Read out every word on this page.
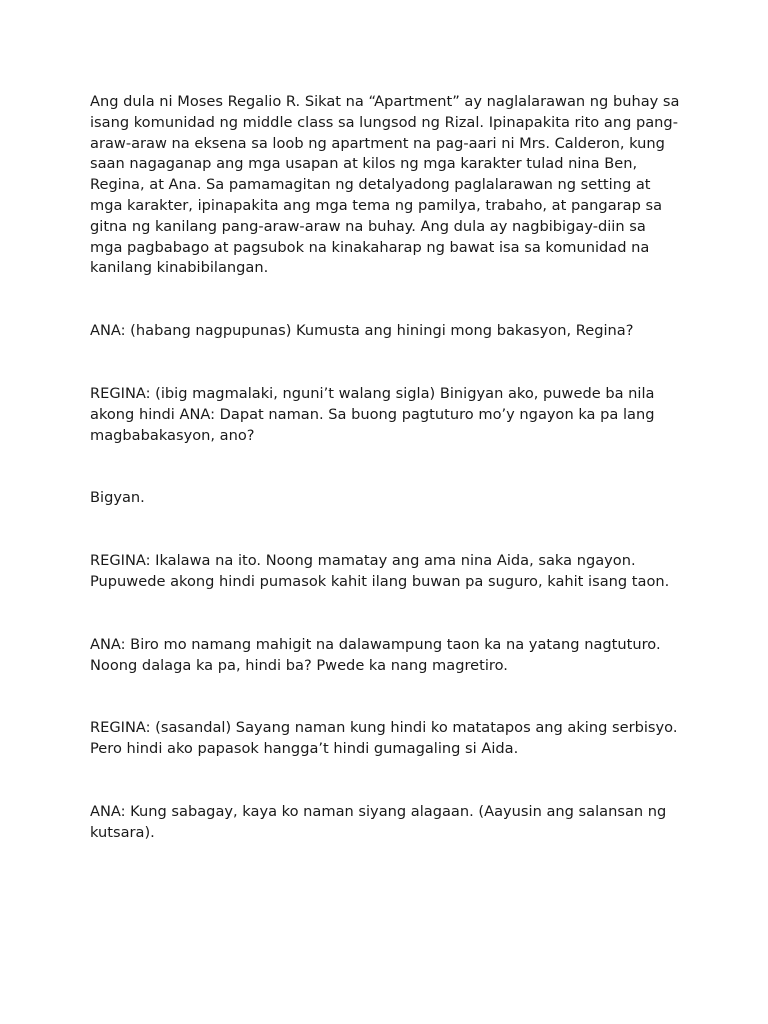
Ang dula ni Moses Regalio R. Sikat na “Apartment” ay naglalarawan ng buhay sa isang komunidad ng middle class sa lungsod ng Rizal. Ipinapakita rito ang pang-araw-araw na eksena sa loob ng apartment na pag-aari ni Mrs. Calderon, kung saan nagaganap ang mga usapan at kilos ng mga karakter tulad nina Ben, Regina, at Ana. Sa pamamagitan ng detalyadong paglalarawan ng setting at mga karakter, ipinapakita ang mga tema ng pamilya, trabaho, at pangarap sa gitna ng kanilang pang-araw-araw na buhay. Ang dula ay nagbibigay-diin sa mga pagbabago at pagsubok na kinakaharap ng bawat isa sa komunidad na kanilang kinabibilangan.

ANA: (habang nagpupunas) Kumusta ang hiningi mong bakasyon, Regina?

REGINA: (ibig magmalaki, nguni’t walang sigla) Binigyan ako, puwede ba nila akong hindi ANA: Dapat naman. Sa buong pagtuturo mo’y ngayon ka pa lang magbabakasyon, ano?

Bigyan.

REGINA: Ikalawa na ito. Noong mamatay ang ama nina Aida, saka ngayon. Pupuwede akong hindi pumasok kahit ilang buwan pa suguro, kahit isang taon.

ANA: Biro mo namang mahigit na dalawampung taon ka na yatang nagtuturo. Noong dalaga ka pa, hindi ba? Pwede ka nang magretiro.

REGINA: (sasandal) Sayang naman kung hindi ko matatapos ang aking serbisyo. Pero hindi ako papasok hangga’t hindi gumagaling si Aida.

ANA: Kung sabagay, kaya ko naman siyang alagaan. (Aayusin ang salansan ng kutsara).
